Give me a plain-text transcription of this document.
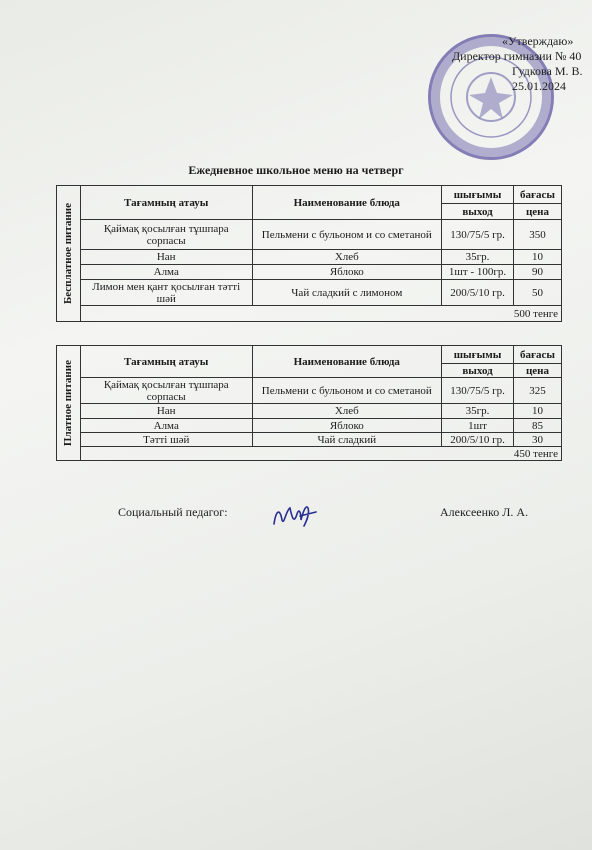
«Утверждаю»
Директор гимназии № 40
Гудкова М. В.
25.01.2024
Ежедневное школьное меню на четверг
Бесплатное питание	Тағамның атауы	Наименование блюда	шығымы	бағасы
			выход	цена
	Қаймақ қосылған тұшпара сорпасы	Пельмени с бульоном и со сметаной	130/75/5 гр.	350
	Нан	Хлеб	35гр.	10
	Алма	Яблоко	1шт - 100гр.	90
	Лимон мен қант қосылған тәтті шәй	Чай сладкий с лимоном	200/5/10 гр.	50
	500 тенге			
Платное питание	Тағамның атауы	Наименование блюда	шығымы	бағасы
			выход	цена
	Қаймақ қосылған тұшпара сорпасы	Пельмени с бульоном и со сметаной	130/75/5 гр.	325
	Нан	Хлеб	35гр.	10
	Алма	Яблоко	1шт	85
	Тәтті шәй	Чай сладкий	200/5/10 гр.	30
	450 тенге			
Социальный педагог:	Алексеенко Л. А.
